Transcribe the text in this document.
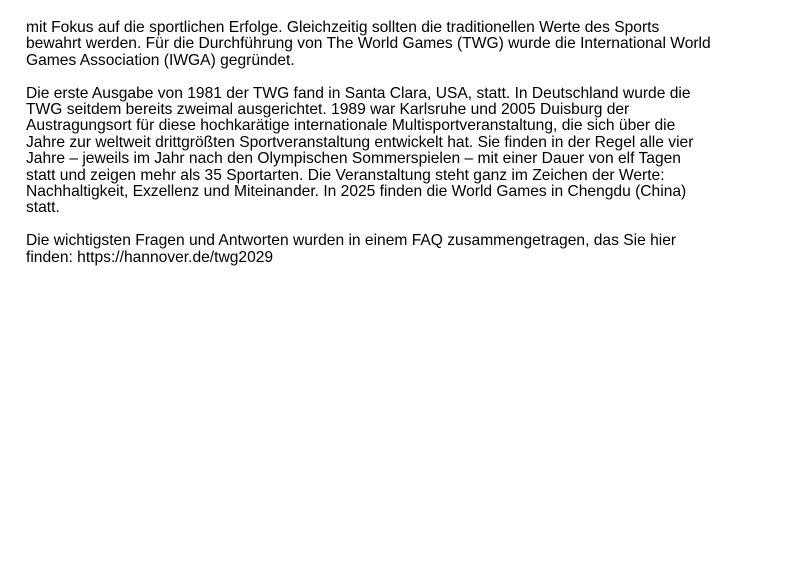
mit Fokus auf die sportlichen Erfolge. Gleichzeitig sollten die traditionellen Werte des Sports
bewahrt werden. Für die Durchführung von The World Games (TWG) wurde die International World
Games Association (IWGA) gegründet.

Die erste Ausgabe von 1981 der TWG fand in Santa Clara, USA, statt. In Deutschland wurde die
TWG seitdem bereits zweimal ausgerichtet. 1989 war Karlsruhe und 2005 Duisburg der
Austragungsort für diese hochkarätige internationale Multisportveranstaltung, die sich über die
Jahre zur weltweit drittgrößten Sportveranstaltung entwickelt hat. Sie finden in der Regel alle vier
Jahre – jeweils im Jahr nach den Olympischen Sommerspielen – mit einer Dauer von elf Tagen
statt und zeigen mehr als 35 Sportarten. Die Veranstaltung steht ganz im Zeichen der Werte:
Nachhaltigkeit, Exzellenz und Miteinander. In 2025 finden die World Games in Chengdu (China)
statt.

Die wichtigsten Fragen und Antworten wurden in einem FAQ zusammengetragen, das Sie hier
finden: https://hannover.de/twg2029
